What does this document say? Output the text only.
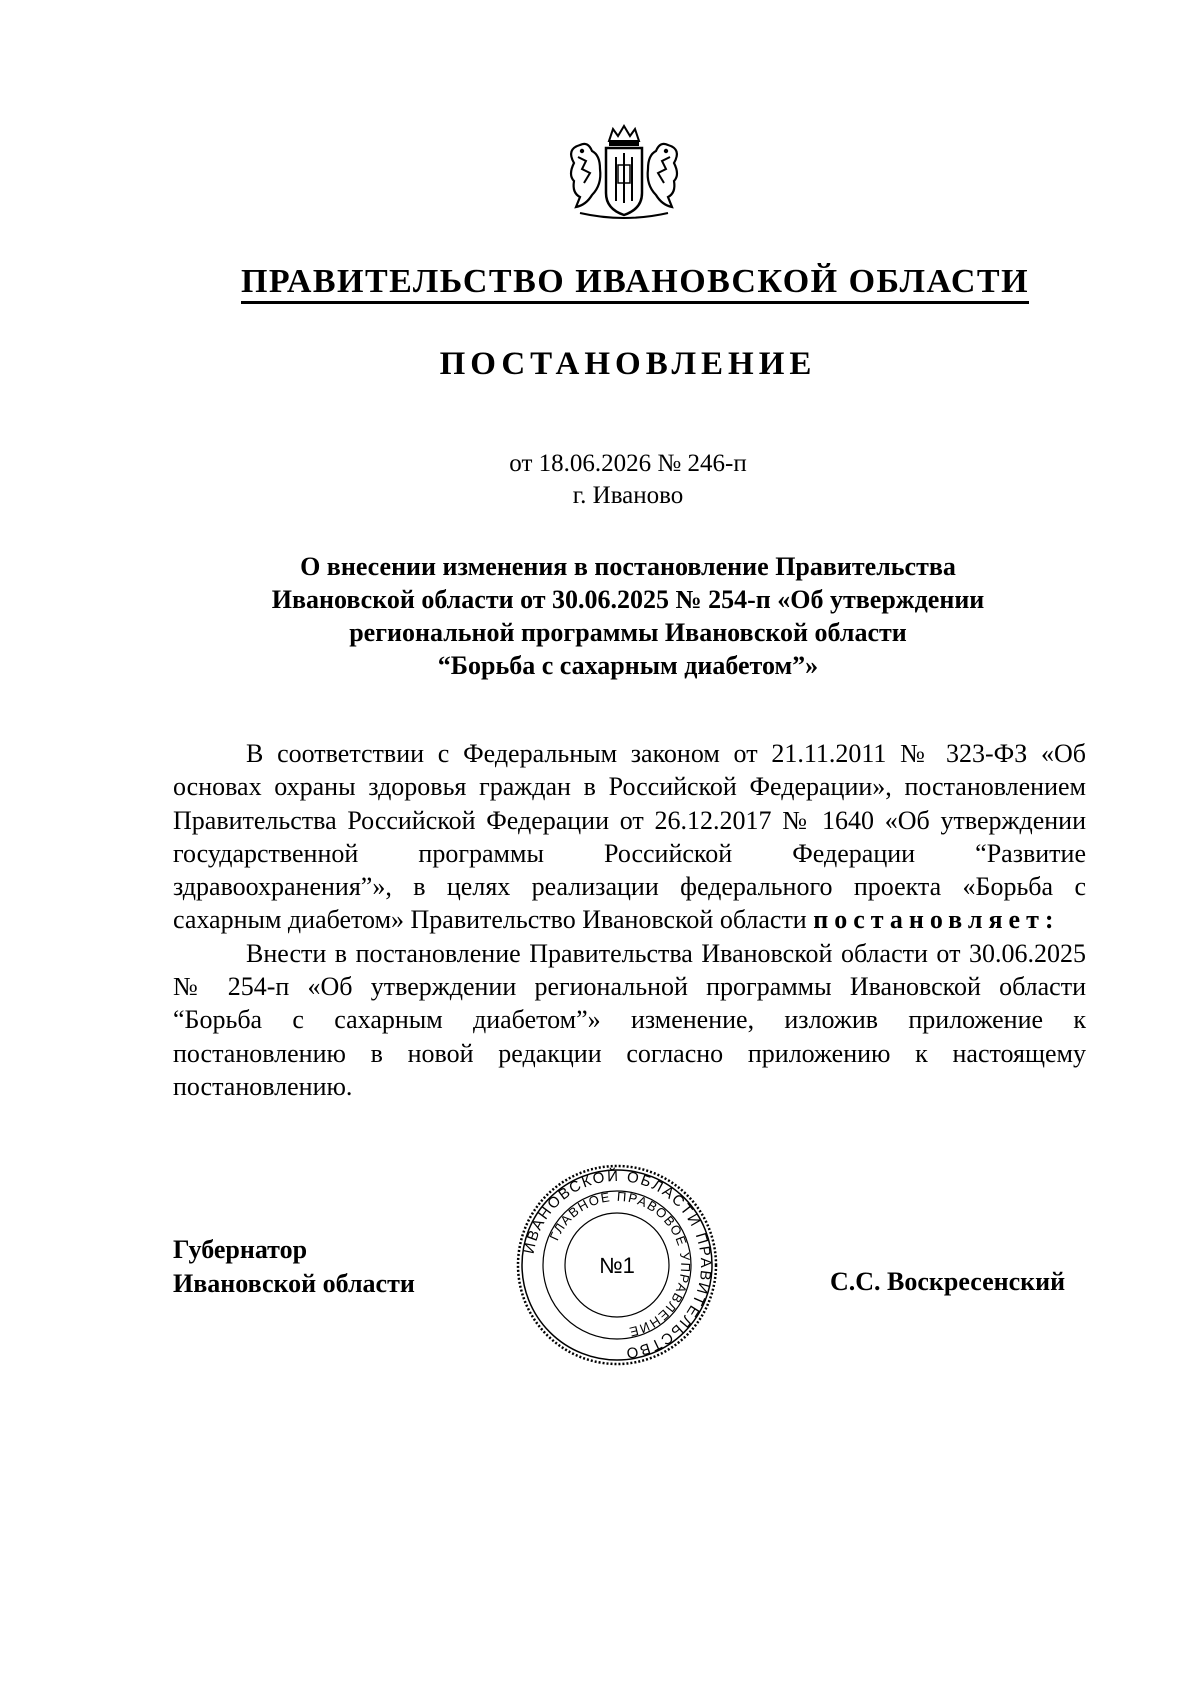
ПРАВИТЕЛЬСТВО ИВАНОВСКОЙ ОБЛАСТИ
ПОСТАНОВЛЕНИЕ
от 18.06.2026 № 246-п
г. Иваново
О внесении изменения в постановление Правительства
Ивановской области от 30.06.2025 № 254-п «Об утверждении
региональной программы Ивановской области
“Борьба с сахарным диабетом”»

В соответствии с Федеральным законом от 21.11.2011 № 323-ФЗ «Об основах охраны здоровья граждан в Российской Федерации», постановлением Правительства Российской Федерации от 26.12.2017 № 1640 «Об утверждении государственной программы Российской Федерации “Развитие здравоохранения”», в целях реализации федерального проекта «Борьба с сахарным диабетом» Правительство Ивановской области постановляет:

Внести в постановление Правительства Ивановской области от 30.06.2025 № 254-п «Об утверждении региональной программы Ивановской области “Борьба с сахарным диабетом”» изменение, изложив приложение к постановлению в новой редакции согласно приложению к настоящему постановлению.

Губернатор
Ивановской области
ИВАНОВСКОЙ ОБЛАСТИ ПРАВИТЕЛЬСТВО
ГЛАВНОЕ ПРАВОВОЕ УПРАВЛЕНИЕ
№1
С.С. Воскресенский
